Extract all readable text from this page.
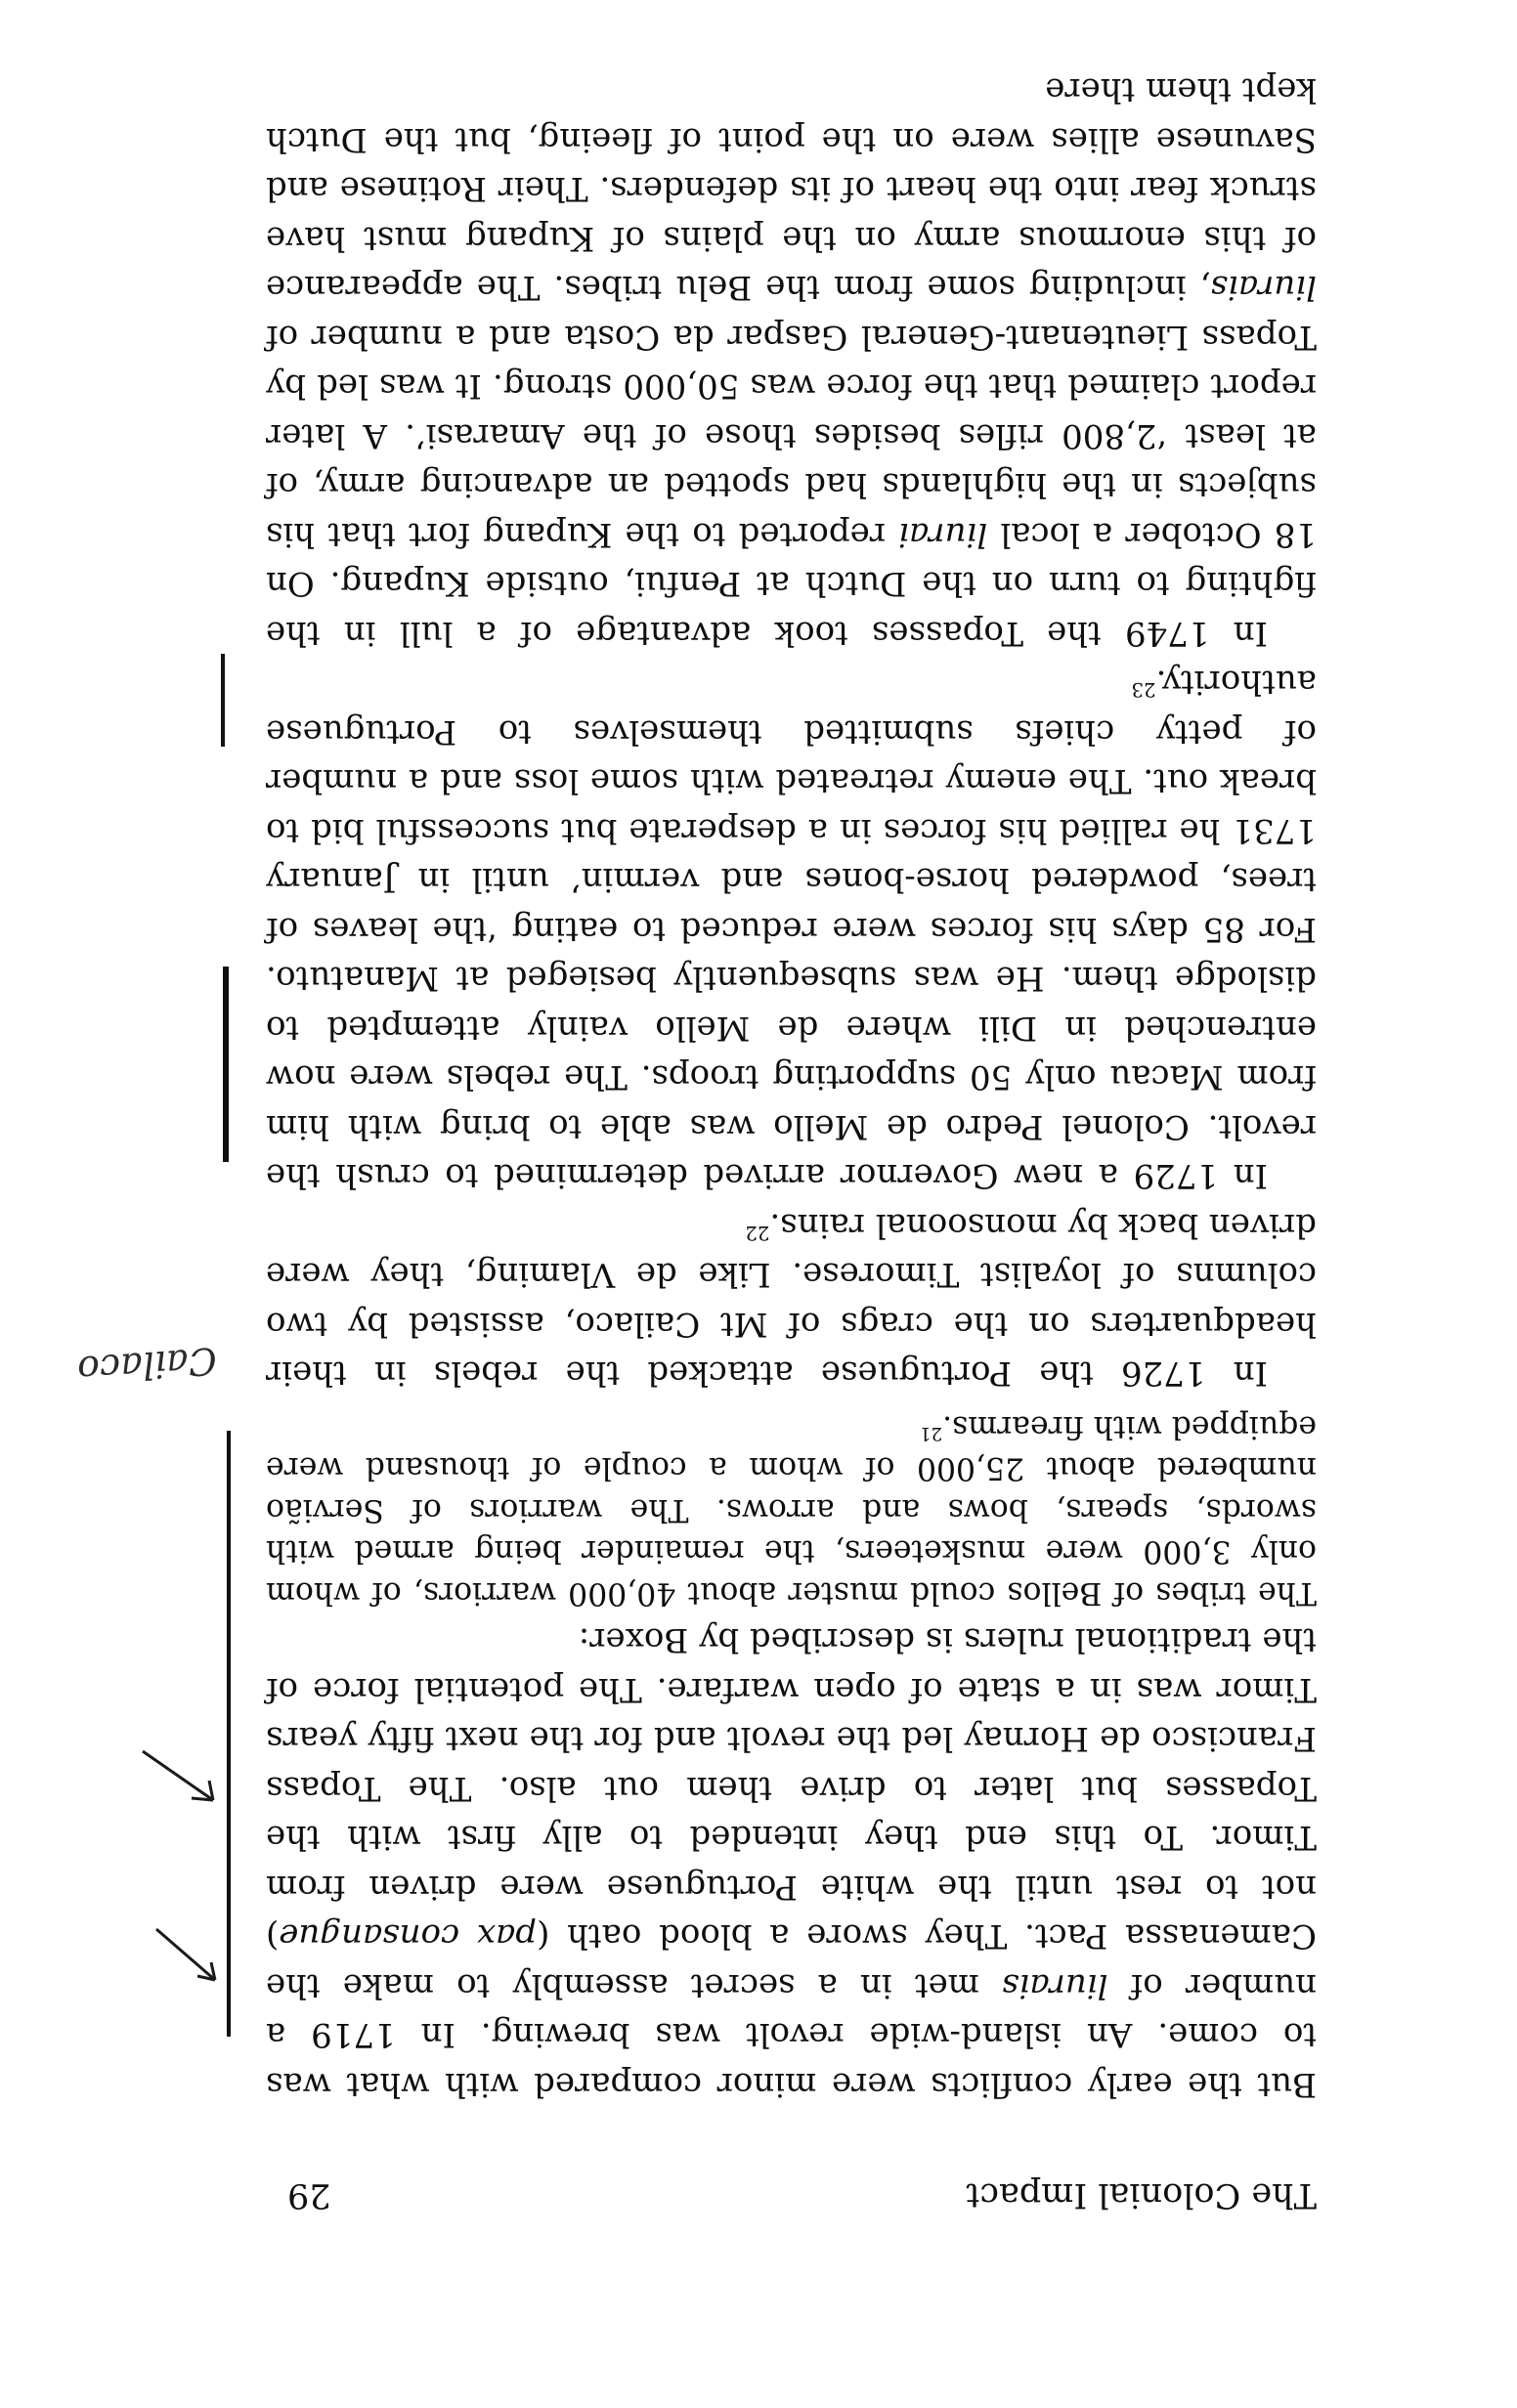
The Colonial Impact
29

But the early conflicts were minor compared with what was to come. An island-wide revolt was brewing. In 1719 a number of liurais met in a secret assembly to make the Camenassa Pact. They swore a blood oath (pax consangue) not to rest until the white Portuguese were driven from Timor. To this end they intended to ally first with the Topasses but later to drive them out also. The Topass Francisco de Hornay led the revolt and for the next fifty years Timor was in a state of open warfare. The potential force of the traditional rulers is described by Boxer:

The tribes of Bellos could muster about 40,000 warriors, of whom only 3,000 were musketeers, the remainder being armed with swords, spears, bows and arrows. The warriors of Servião numbered about 25,000 of whom a couple of thousand were equipped with firearms.$^{21}$

In 1726 the Portuguese attacked the rebels in their headquarters on the crags of Mt Cailaco, assisted by two columns of loyalist Timorese. Like de Vlaming, they were driven back by monsoonal rains.$^{22}$

In 1729 a new Governor arrived determined to crush the revolt. Colonel Pedro de Mello was able to bring with him from Macau only 50 supporting troops. The rebels were now entrenched in Dili where de Mello vainly attempted to dislodge them. He was subsequently besieged at Manatuto. For 85 days his forces were reduced to eating ‘the leaves of trees, powdered horse-bones and vermin’ until in January 1731 he rallied his forces in a desperate but successful bid to break out. The enemy retreated with some loss and a number of petty chiefs submitted themselves to Portuguese authority.$^{23}$

In 1749 the Topasses took advantage of a lull in the fighting to turn on the Dutch at Penfui, outside Kupang. On 18 October a local liurai reported to the Kupang fort that his subjects in the highlands had spotted an advancing army, of at least ‘2,800 rifles besides those of the Amarasi’. A later report claimed that the force was 50,000 strong. It was led by Topass Lieutenant-General Gaspar da Costa and a number of liurais, including some from the Belu tribes. The appearance of this enormous army on the plains of Kupang must have struck fear into the heart of its defenders. Their Rotinese and Savunese allies were on the point of fleeing, but the Dutch kept them there

Cailaco
